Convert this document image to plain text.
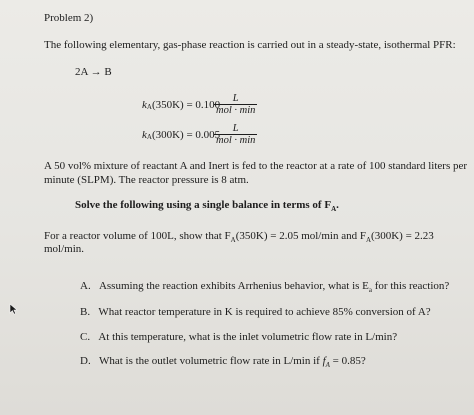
Problem 2)
The following elementary, gas-phase reaction is carried out in a steady-state, isothermal PFR:
2A → B
kA(350K) = 0.100
L
mol · min
kA(300K) = 0.005
L
mol · min
A 50 vol% mixture of reactant A and Inert is fed to the reactor at a rate of 100 standard liters per
minute (SLPM). The reactor pressure is 8 atm.
Solve the following using a single balance in terms of $F_A$.
For a reactor volume of 100L, show that $F_A(350K) = 2.05$ mol/min and $F_A(300K) = 2.23$
mol/min.
A. Assuming the reaction exhibits Arrhenius behavior, what is $E_a$ for this reaction?
B. What reactor temperature in K is required to achieve 85% conversion of A?
C. At this temperature, what is the inlet volumetric flow rate in L/min?
D. What is the outlet volumetric flow rate in L/min if $f_A = 0.85$?
